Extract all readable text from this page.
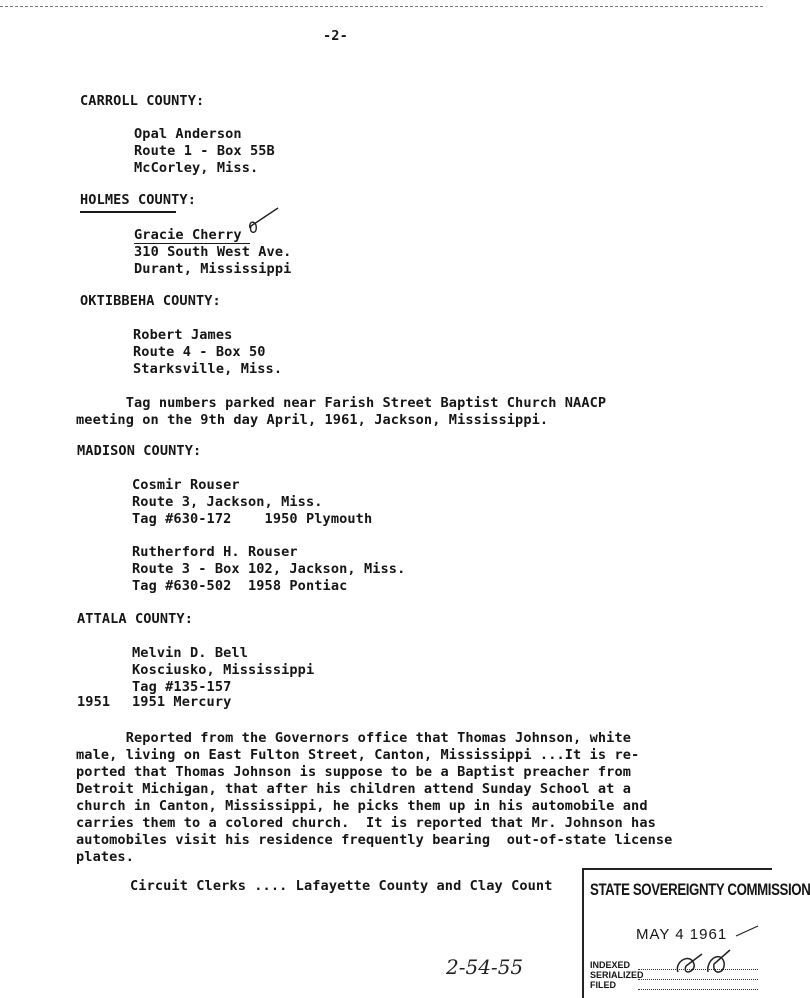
-2-
CARROLL COUNTY:
Opal Anderson
Route 1 - Box 55B
McCorley, Miss.
HOLMES COUNTY:
Gracie Cherry
310 South West Ave.
Durant, Mississippi
OKTIBBEHA COUNTY:
Robert James
Route 4 - Box 50
Starksville, Miss.
Tag numbers parked near Farish Street Baptist Church NAACP
meeting on the 9th day April, 1961, Jackson, Mississippi.
MADISON COUNTY:
Cosmir Rouser
Route 3, Jackson, Miss.
Tag #630-172    1950 Plymouth
Rutherford H. Rouser
Route 3 - Box 102, Jackson, Miss.
Tag #630-502  1958 Pontiac
ATTALA COUNTY:
Melvin D. Bell
Kosciusko, Mississippi
Tag #135-157
1951 1951 Mercury
Reported from the Governors office that Thomas Johnson, white
male, living on East Fulton Street, Canton, Mississippi ...It is re-
ported that Thomas Johnson is suppose to be a Baptist preacher from
Detroit Michigan, that after his children attend Sunday School at a
church in Canton, Mississippi, he picks them up in his automobile and
carries them to a colored church.  It is reported that Mr. Johnson has
automobiles visit his residence frequently bearing  out-of-state license
plates.
Circuit Clerks .... Lafayette County and Clay Count
2-54-55
STATE SOVEREIGNTY COMMISSION
MAY 4 1961
INDEXED
SERIALIZED
FILED
